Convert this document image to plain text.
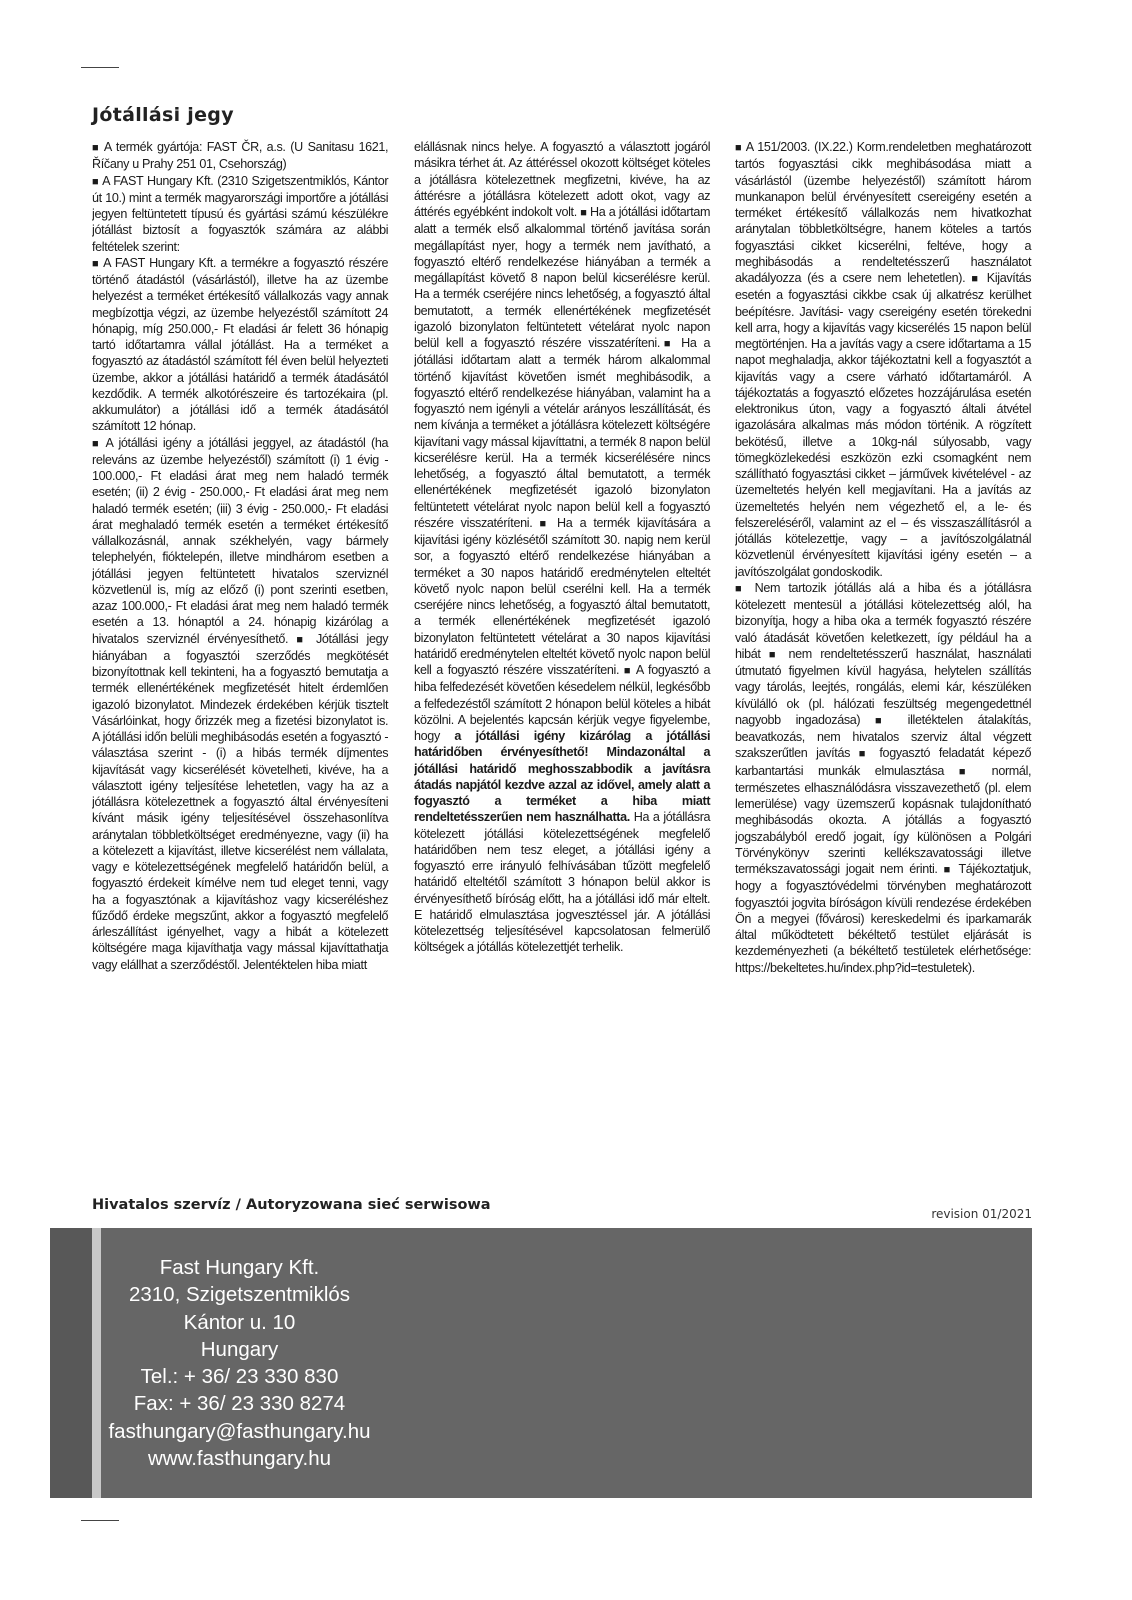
Jótállási jegy

■ A termék gyártója: FAST ČR, a.s. (U Sanitasu 1621, Říčany u Prahy 251 01, Csehország)

■ A FAST Hungary Kft. (2310 Szigetszentmiklós, Kántor út 10.) mint a termék magyarországi importőre a jótállási jegyen feltüntetett típusú és gyártási számú készülékre jótállást biztosít a fogyasztók számára az alábbi feltételek szerint:

■ A FAST Hungary Kft. a termékre a fogyasztó részére történő átadástól (vásárlástól), illetve ha az üzembe helyezést a terméket értékesítő vállalkozás vagy annak megbízottja végzi, az üzembe helyezéstől számított 24 hónapig, míg 250.000,- Ft eladási ár felett 36 hónapig tartó időtartamra vállal jótállást. Ha a terméket a fogyasztó az átadástól számított fél éven belül helyezteti üzembe, akkor a jótállási határidő a termék átadásától kezdődik. A termék alkotórészeire és tartozékaira (pl. akkumulátor) a jótállási idő a termék átadásától számított 12 hónap.

■ A jótállási igény a jótállási jeggyel, az átadástól (ha releváns az üzembe helyezéstől) számított (i) 1 évig - 100.000,- Ft eladási árat meg nem haladó termék esetén; (ii) 2 évig - 250.000,- Ft eladási árat meg nem haladó termék esetén; (iii) 3 évig - 250.000,- Ft eladási árat meghaladó termék esetén a terméket értékesítő vállalkozásnál, annak székhelyén, vagy bármely telephelyén, fióktelepén, illetve mindhárom esetben a jótállási jegyen feltüntetett hivatalos szerviznél közvetlenül is, míg az előző (i) pont szerinti esetben, azaz 100.000,- Ft eladási árat meg nem haladó termék esetén a 13. hónaptól a 24. hónapig kizárólag a hivatalos szerviznél érvényesíthető. ■ Jótállási jegy hiányában a fogyasztói szerződés megkötését bizonyítottnak kell tekinteni, ha a fogyasztó bemutatja a termék ellenértékének megfizetését hitelt érdemlően igazoló bizonylatot. Mindezek érdekében kérjük tisztelt Vásárlóinkat, hogy őrizzék meg a fizetési bizonylatot is. A jótállási időn belüli meghibásodás esetén a fogyasztó - választása szerint - (i) a hibás termék díjmentes kijavítását vagy kicserélését követelheti, kivéve, ha a választott igény teljesítése lehetetlen, vagy ha az a jótállásra kötelezettnek a fogyasztó által érvényesíteni kívánt másik igény teljesítésével összehasonlítva aránytalan többletköltséget eredményezne, vagy (ii) ha a kötelezett a kijavítást, illetve kicserélést nem vállalata, vagy e kötelezettségének megfelelő határidőn belül, a fogyasztó érdekeit kímélve nem tud eleget tenni, vagy ha a fogyasztónak a kijavításhoz vagy kicseréléshez fűződő érdeke megszűnt, akkor a fogyasztó megfelelő árleszállítást igényelhet, vagy a hibát a kötelezett költségére maga kijavíthatja vagy mással kijavíttathatja vagy elállhat a szerződéstől. Jelentéktelen hiba miatt

elállásnak nincs helye. A fogyasztó a választott jogáról másikra térhet át. Az áttéréssel okozott költséget köteles a jótállásra kötelezettnek megfizetni, kivéve, ha az áttérésre a jótállásra kötelezett adott okot, vagy az áttérés egyébként indokolt volt. ■ Ha a jótállási időtartam alatt a termék első alkalommal történő javítása során megállapítást nyer, hogy a termék nem javítható, a fogyasztó eltérő rendelkezése hiányában a termék a megállapítást követő 8 napon belül kicserélésre kerül. Ha a termék cseréjére nincs lehetőség, a fogyasztó által bemutatott, a termék ellenértékének megfizetését igazoló bizonylaton feltüntetett vételárat nyolc napon belül kell a fogyasztó részére visszatéríteni.■ Ha a jótállási időtartam alatt a termék három alkalommal történő kijavítást követően ismét meghibásodik, a fogyasztó eltérő rendelkezése hiányában, valamint ha a fogyasztó nem igényli a vételár arányos leszállítását, és nem kívánja a terméket a jótállásra kötelezett költségére kijavítani vagy mással kijavíttatni, a termék 8 napon belül kicserélésre kerül. Ha a termék kicserélésére nincs lehetőség, a fogyasztó által bemutatott, a termék ellenértékének megfizetését igazoló bizonylaton feltüntetett vételárat nyolc napon belül kell a fogyasztó részére visszatéríteni. ■ Ha a termék kijavítására a kijavítási igény közlésétől számított 30. napig nem kerül sor, a fogyasztó eltérő rendelkezése hiányában a terméket a 30 napos határidő eredménytelen elteltét követő nyolc napon belül cserélni kell. Ha a termék cseréjére nincs lehetőség, a fogyasztó által bemutatott, a termék ellenértékének megfizetését igazoló bizonylaton feltüntetett vételárat a 30 napos kijavítási határidő eredménytelen elteltét követő nyolc napon belül kell a fogyasztó részére visszatéríteni. ■ A fogyasztó a hiba felfedezését követően késedelem nélkül, legkésőbb a felfedezéstől számított 2 hónapon belül köteles a hibát közölni. A bejelentés kapcsán kérjük vegye figyelembe, hogy a jótállási igény kizárólag a jótállási határidőben érvényesíthető! Mindazonáltal a jótállási határidő meghosszabbodik a javításra átadás napjától kezdve azzal az idővel, amely alatt a fogyasztó a terméket a hiba miatt rendeltetésszerűen nem használhatta. Ha a jótállásra kötelezett jótállási kötelezettségének megfelelő határidőben nem tesz eleget, a jótállási igény a fogyasztó erre irányuló felhívásában tűzött megfelelő határidő elteltétől számított 3 hónapon belül akkor is érvényesíthető bíróság előtt, ha a jótállási idő már eltelt. E határidő elmulasztása jogvesztéssel jár. A jótállási kötelezettség teljesítésével kapcsolatosan felmerülő költségek a jótállás kötelezettjét terhelik.

■ A 151/2003. (IX.22.) Korm.rendeletben meghatározott tartós fogyasztási cikk meghibásodása miatt a vásárlástól (üzembe helyezéstől) számított három munkanapon belül érvényesített csereigény esetén a terméket értékesítő vállalkozás nem hivatkozhat aránytalan többletköltségre, hanem köteles a tartós fogyasztási cikket kicserélni, feltéve, hogy a meghibásodás a rendeltetésszerű használatot akadályozza (és a csere nem lehetetlen). ■ Kijavítás esetén a fogyasztási cikkbe csak új alkatrész kerülhet beépítésre. Javítási- vagy csereigény esetén törekedni kell arra, hogy a kijavítás vagy kicserélés 15 napon belül megtörténjen. Ha a javítás vagy a csere időtartama a 15 napot meghaladja, akkor tájékoztatni kell a fogyasztót a kijavítás vagy a csere várható időtartamáról. A tájékoztatás a fogyasztó előzetes hozzájárulása esetén elektronikus úton, vagy a fogyasztó általi átvétel igazolására alkalmas más módon történik. A rögzített bekötésű, illetve a 10kg-nál súlyosabb, vagy tömegközlekedési eszközön ezki csomagként nem szállítható fogyasztási cikket – járművek kivételével - az üzemeltetés helyén kell megjavítani. Ha a javítás az üzemeltetés helyén nem végezhető el, a le- és felszereléséről, valamint az el – és visszaszállításról a jótállás kötelezettje, vagy – a javítószolgálatnál közvetlenül érvényesített kijavítási igény esetén – a javítószolgálat gondoskodik.

■ Nem tartozik jótállás alá a hiba és a jótállásra kötelezett mentesül a jótállási kötelezettség alól, ha bizonyítja, hogy a hiba oka a termék fogyasztó részére való átadását követően keletkezett, így például ha a hibát ■ nem rendeltetésszerű használat, használati útmutató figyelmen kívül hagyása, helytelen szállítás vagy tárolás, leejtés, rongálás, elemi kár, készüléken kívülálló ok (pl. hálózati feszültség megengedettnél nagyobb ingadozása) ■ illetéktelen átalakítás, beavatkozás, nem hivatalos szerviz által végzett szakszerűtlen javítás ■ fogyasztó feladatát képező karbantartási munkák elmulasztása ■ normál, természetes elhasználódásra visszavezethető (pl. elem lemerülése) vagy üzemszerű kopásnak tulajdonítható meghibásodás okozta. A jótállás a fogyasztó jogszabályból eredő jogait, így különösen a Polgári Törvénykönyv szerinti kellékszavatossági illetve termékszavatossági jogait nem érinti. ■ Tájékoztatjuk, hogy a fogyasztóvédelmi törvényben meghatározott fogyasztói jogvita bíróságon kívüli rendezése érdekében Ön a megyei (fővárosi) kereskedelmi és iparkamarák által működtetett békéltető testület eljárását is kezdeményezheti (a békéltető testületek elérhetősége: https://bekeltetes.hu/index.php?id=testuletek).

Hivatalos szervíz / Autoryzowana sieć serwisowa
revision 01/2021
Fast Hungary Kft.
2310, Szigetszentmiklós
Kántor u. 10
Hungary
Tel.: + 36/ 23 330 830
Fax: + 36/ 23 330 8274
fasthungary@fasthungary.hu
www.fasthungary.hu
